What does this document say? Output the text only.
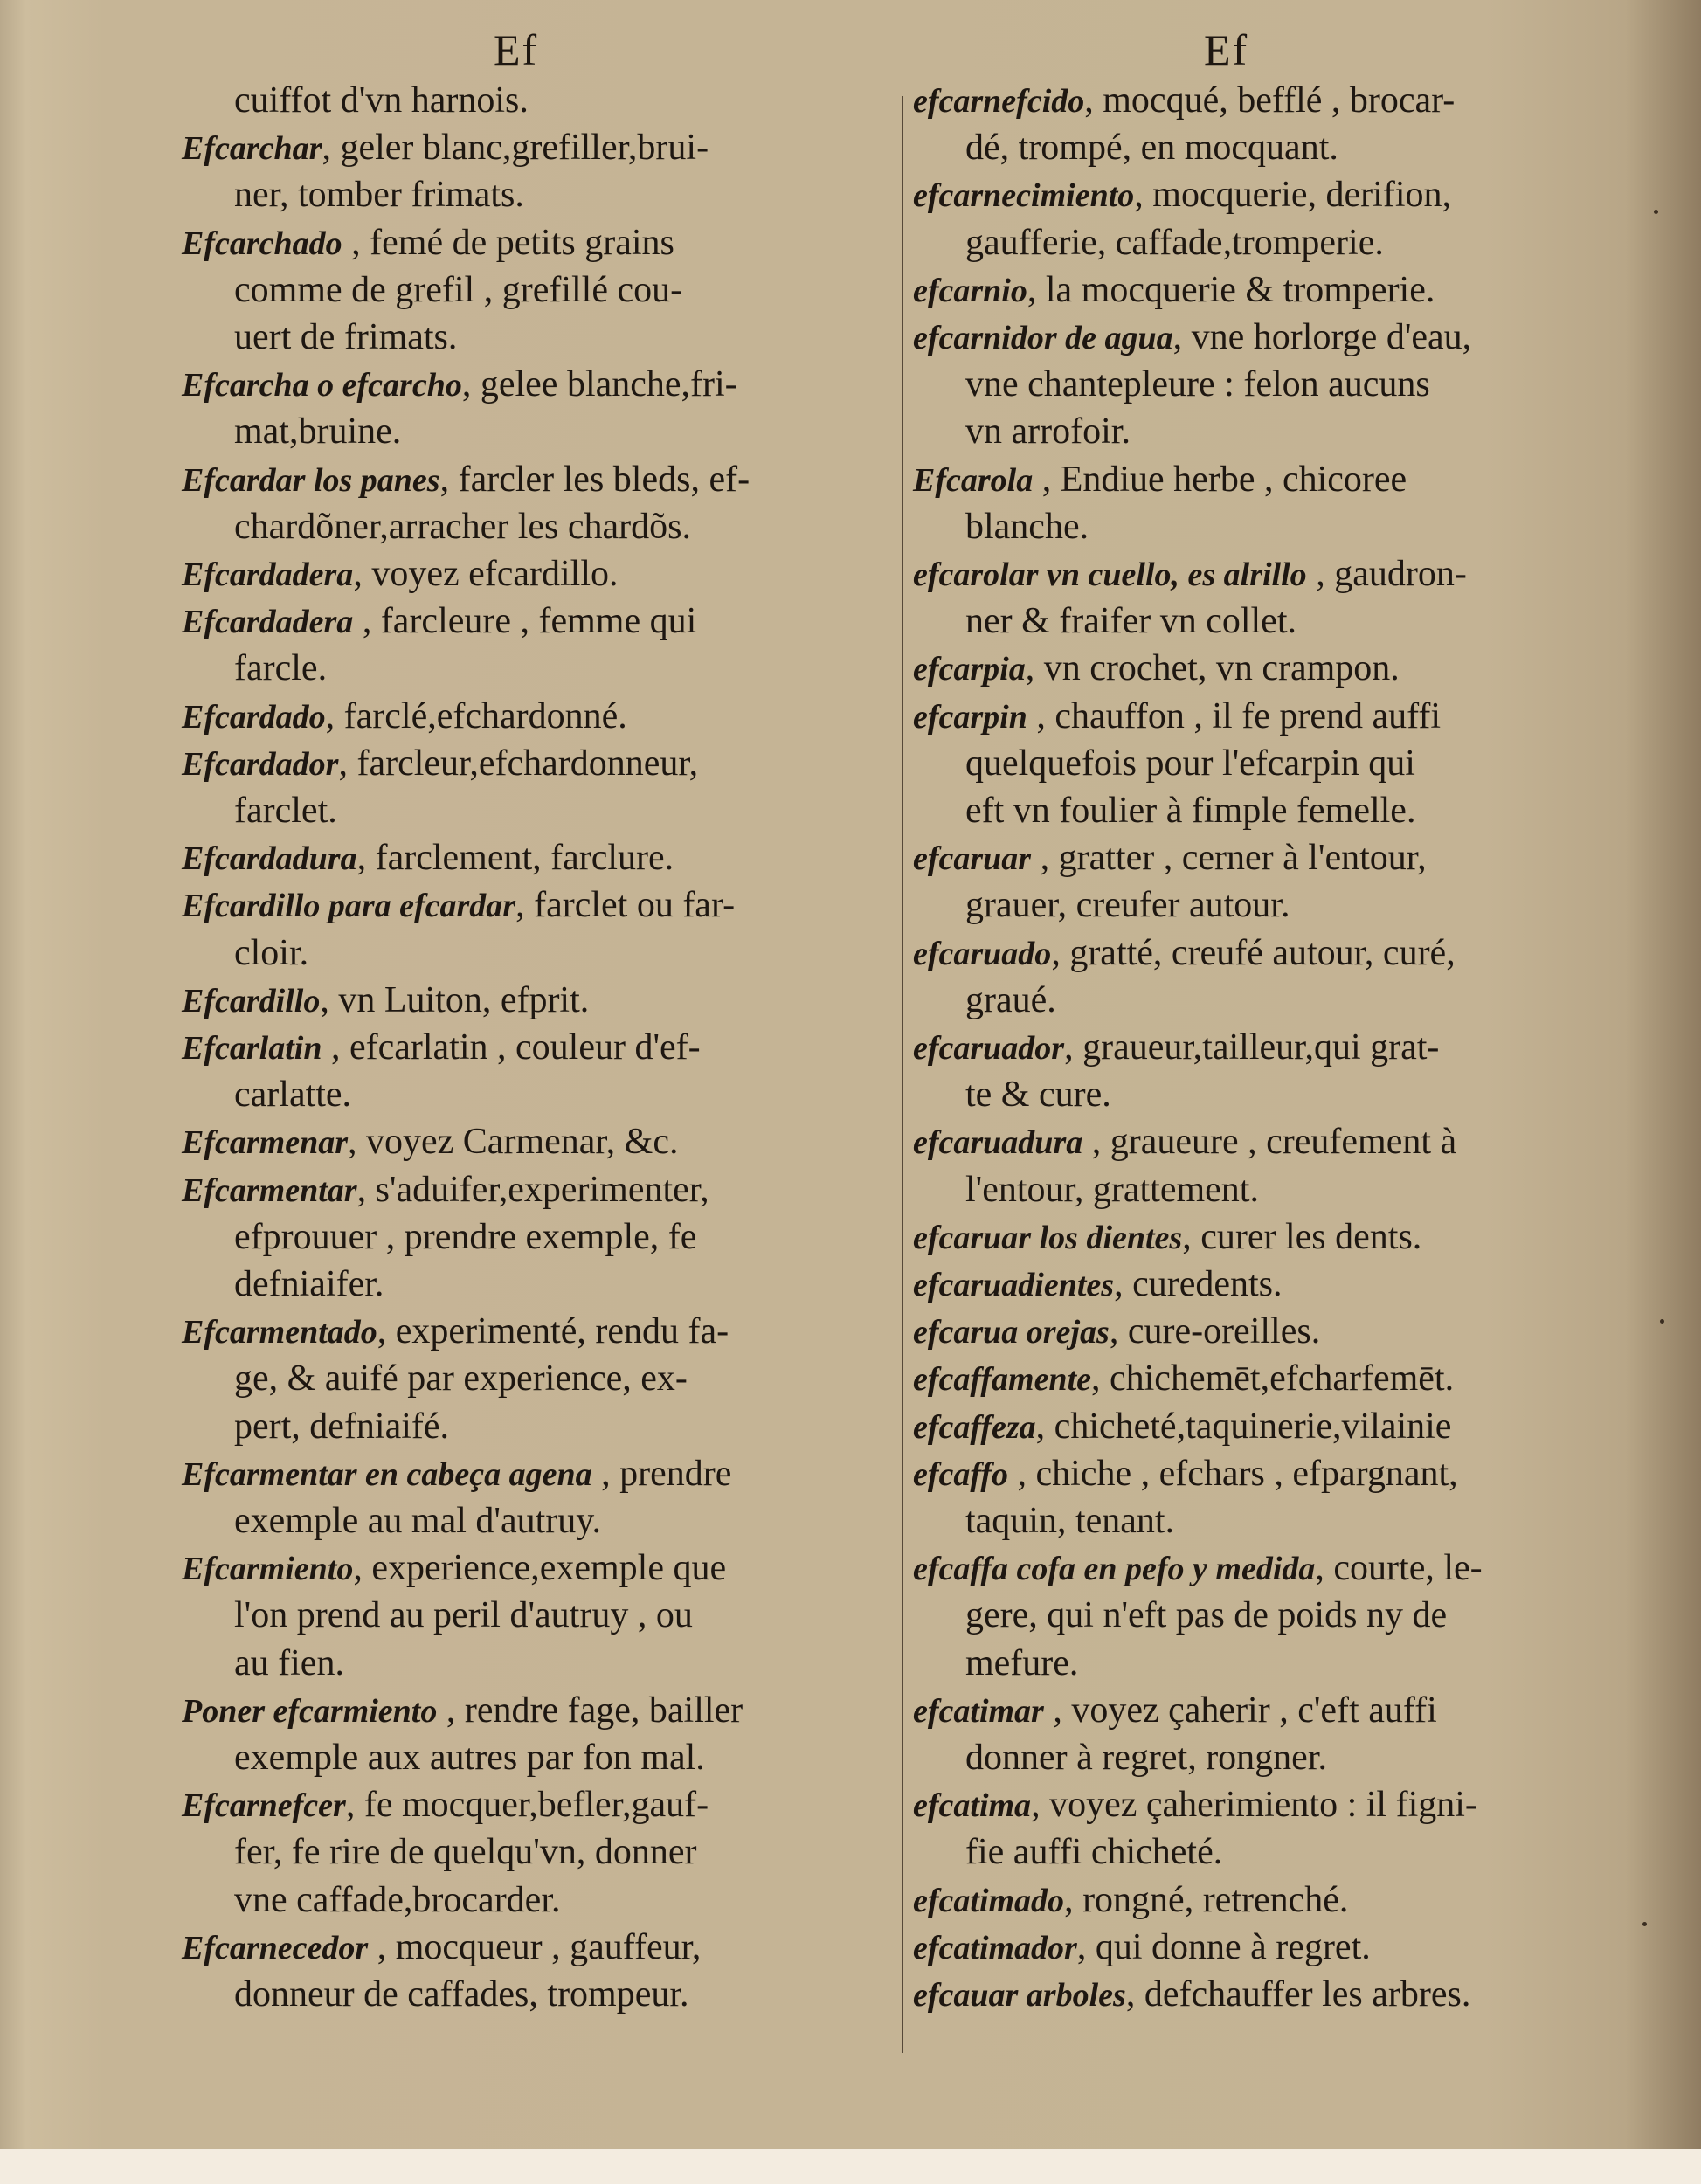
Ef	Ef
cuiffot d'vn harnois.
Efcarchar, geler blanc,grefiller,brui-
ner, tomber frimats.
Efcarchado , femé de petits grains
comme de grefil , grefillé cou-
uert de frimats.
Efcarcha o efcarcho, gelee blanche,fri-
mat,bruine.
Efcardar los panes, farcler les bleds, ef-
chardõner,arracher les chardõs.
Efcardadera, voyez efcardillo.
Efcardadera , farcleure , femme qui
farcle.
Efcardado, farclé,efchardonné.
Efcardador, farcleur,efchardonneur,
farclet.
Efcardadura, farclement, farclure.
Efcardillo para efcardar, farclet ou far-
cloir.
Efcardillo, vn Luiton, efprit.
Efcarlatin , efcarlatin , couleur d'ef-
carlatte.
Efcarmenar, voyez Carmenar, &c.
Efcarmentar, s'aduifer,experimenter,
efprouuer , prendre exemple, fe
defniaifer.
Efcarmentado, experimenté, rendu fa-
ge, & auifé par experience, ex-
pert, defniaifé.
Efcarmentar en cabeça agena , prendre
exemple au mal d'autruy.
Efcarmiento, experience,exemple que
l'on prend au peril d'autruy , ou
au fien.
Poner efcarmiento , rendre fage, bailler
exemple aux autres par fon mal.
Efcarnefcer, fe mocquer,befler,gauf-
fer, fe rire de quelqu'vn, donner
vne caffade,brocarder.
Efcarnecedor , mocqueur , gauffeur,
donneur de caffades, trompeur.
efcarnefcido, mocqué, befflé , brocar-
dé, trompé, en mocquant.
efcarnecimiento, mocquerie, derifion,
gaufferie, caffade,tromperie.
efcarnio, la mocquerie & tromperie.
efcarnidor de agua, vne horlorge d'eau,
vne chantepleure : felon aucuns
vn arrofoir.
Efcarola , Endiue herbe , chicoree
blanche.
efcarolar vn cuello, es alrillo , gaudron-
ner & fraifer vn collet.
efcarpia, vn crochet, vn crampon.
efcarpin , chauffon , il fe prend auffi
quelquefois pour l'efcarpin qui
eft vn foulier à fimple femelle.
efcaruar , gratter , cerner à l'entour,
grauer, creufer autour.
efcaruado, gratté, creufé autour, curé,
graué.
efcaruador, graueur,tailleur,qui grat-
te & cure.
efcaruadura , graueure , creufement à
l'entour, grattement.
efcaruar los dientes, curer les dents.
efcaruadientes, curedents.
efcarua orejas, cure-oreilles.
efcaffamente, chichemēt,efcharfemēt.
efcaffeza, chicheté,taquinerie,vilainie
efcaffo , chiche , efchars , efpargnant,
taquin, tenant.
efcaffa cofa en pefo y medida, courte, le-
gere, qui n'eft pas de poids ny de
mefure.
efcatimar , voyez çaherir , c'eft auffi
donner à regret, rongner.
efcatima, voyez çaherimiento : il figni-
fie auffi chicheté.
efcatimado, rongné, retrenché.
efcatimador, qui donne à regret.
efcauar arboles, defchauffer les arbres.
